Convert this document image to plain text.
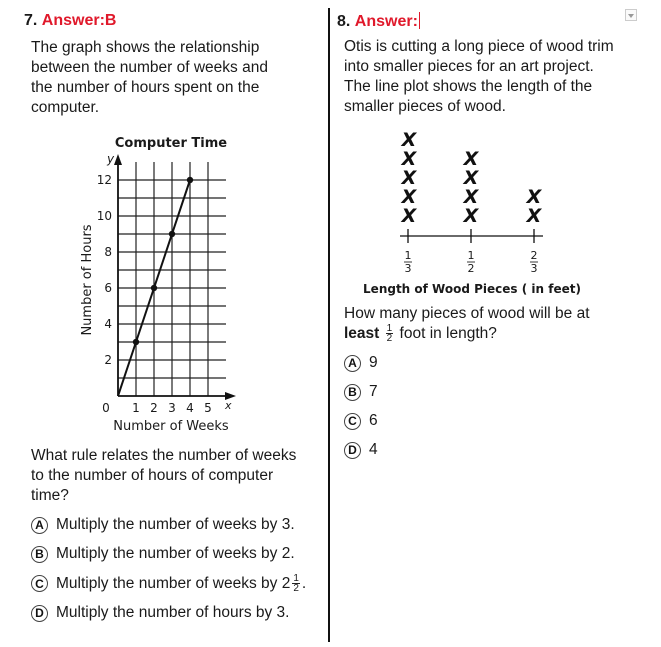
7. Answer:B
The graph shows the relationship
between the number of weeks and
the number of hours spent on the
computer.
Computer Time
y
x
2
4
6
8
10
12
0 1 2 3 4 5
Number of Weeks
Number of Hours
What rule relates the number of weeks
to the number of hours of computer
time?
A Multiply the number of weeks by 3.
B Multiply the number of weeks by 2.
C Multiply the number of weeks by $2 \frac{1}{2}$ .
D Multiply the number of hours by 3.
8. Answer:
Otis is cutting a long piece of wood trim
into smaller pieces for an art project.
The line plot shows the length of the
smaller pieces of wood.
X
X
X
X
X
X
X
X
X
X
X
1
3
1
2
2
3
Length of Wood Pieces ( in feet)
How many pieces of wood will be at
least $\frac{1}{2}$ foot in length?
A 9
B 7
C 6
D 4
